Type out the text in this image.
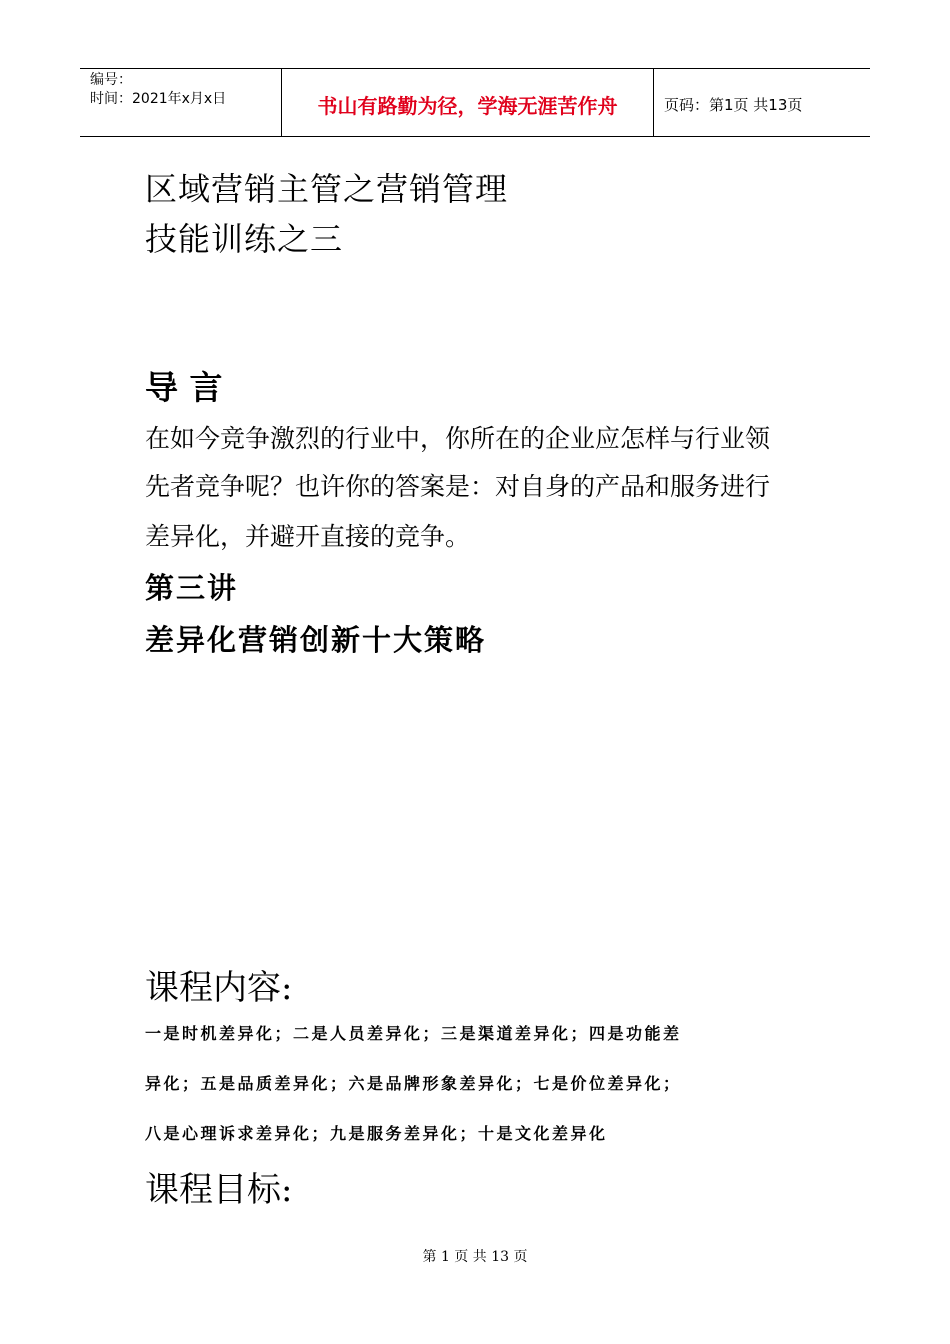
编号：
时间：2021年x月x日	书山有路勤为径，学海无涯苦作舟	页码：第1页 共13页
区域营销主管之营销管理
技能训练之三
导 言
在如今竞争激烈的行业中，你所在的企业应怎样与行业领
先者竞争呢？也许你的答案是：对自身的产品和服务进行
差异化，并避开直接的竞争。
第三讲
差异化营销创新十大策略
课程内容:
一是时机差异化；二是人员差异化；三是渠道差异化；四是功能差
异化；五是品质差异化；六是品牌形象差异化；七是价位差异化；
八是心理诉求差异化；九是服务差异化；十是文化差异化
课程目标:
第 1 页 共 13 页
